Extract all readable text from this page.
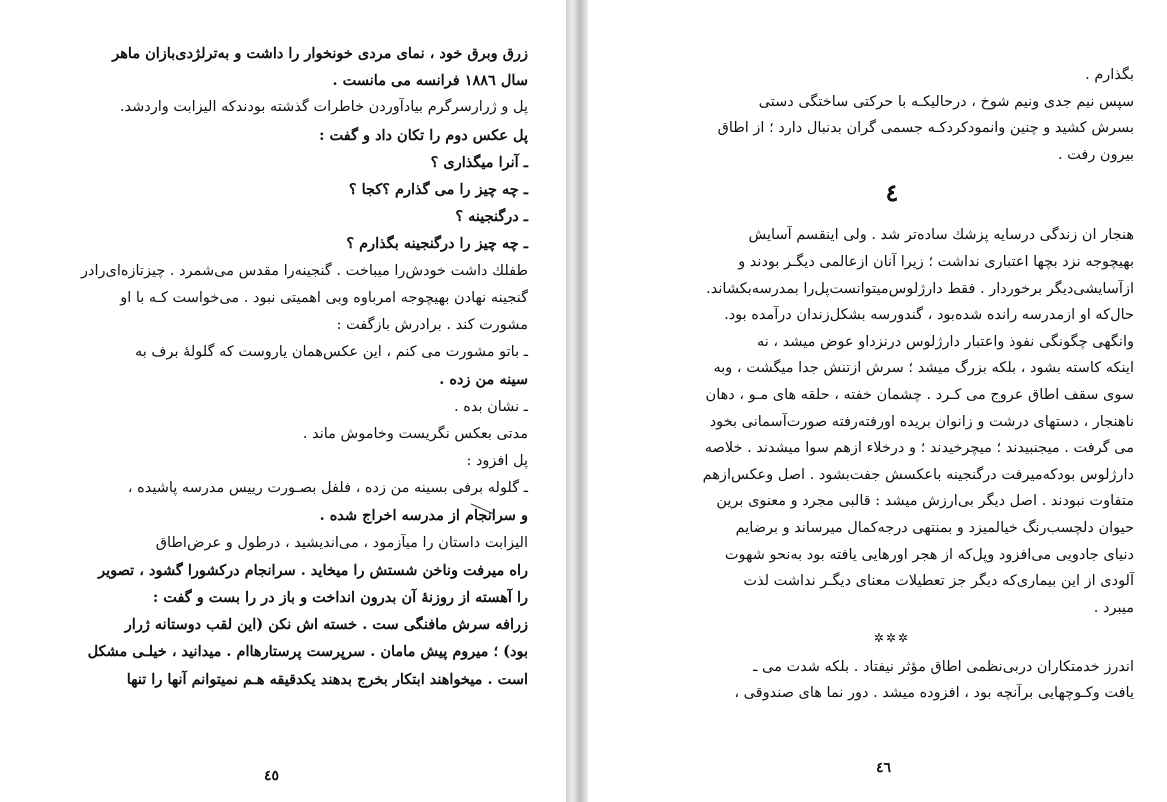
زرق وبرق خود ، نمای مردی خونخوار را داشت و به‌ترلژدی‌بازان ماهر

سال ۱۸۸٦ فرانسه می مانست .

پل و ژرارسرگرم بیادآوردن خاطرات گذشته بودندکه الیزابت واردشد.

پل عکس دوم را تکان داد و گفت :

ـ آنرا میگذاری ؟

ـ چه چیز را می گذارم ؟کجا ؟

ـ درگنجینه ؟

ـ چه چیز را درگنجینه بگذارم ؟

طفلك داشت خودش‌را میباخت . گنجینه‌را مقدس می‌شمرد . چیزتازه‌ای‌رادر

گنجینه نهادن بهیچوجه امرباوه وبی اهمیتی نبود . می‌خواست کـه با او

مشورت کند . برادرش بازگفت :

ـ باتو مشورت می کنم ، این عکس‌همان یاروست که گلولهٔ برف به

سینه من زده .

ـ نشان بده .

مدتی بعکس نگریست وخاموش ماند .

پل افزود :

ـ گلوله برفی بسینه من زده ، فلفل بصـورت رییس مدرسه پاشیده ،

و سرانجام از مدرسه اخراج شده .

الیزابت داستان را میآزمود ، می‌اندیشید ، درطول و عرض‌اطاق

راه میرفت وناخن شستش را میخاید . سرانجام درکشورا گشود ، تصویر

را آهسته از روزنهٔ آن بدرون انداخت و باز در را بست و گفت :

زرافه سرش مافنگی ست . خسته اش نکن (این لقب دوستانه ژرار

بود) ؛ میروم پیش مامان . سرپرست پرستارهاام . میدانید ، خیلـی مشکل

است . میخواهند ابتکار بخرج بدهند یکدقیقه هـم نمیتوانم آنها را تنها

٤٥

بگذارم .

سپس نیم جدی ونیم شوخ ، درحالیکـه با حرکتی ساختگی دستی

بسرش کشید و چنین وانمودکردکـه جسمی گران بدنبال دارد ؛ از اطاق

بیرون رفت .

٤

هنجار ان زندگی درسایه پزشك ساده‌تر شد . ولی اینقسم آسایش

بهیچوجه نزد بچها اعتباری نداشت ؛ زیرا آنان ازعالمی دیگـر بودند و

ازآسایشی‌دیگر برخوردار . فقط دارژلوس‌میتوانست‌پل‌را بمدرسه‌بکشاند.

حال‌که او ازمدرسه رانده شده‌بود ، گندورسه بشکل‌زندان درآمده بود.

وانگهی چگونگی نفوذ واعتبار دارژلوس درنزداو عوض میشد ، نه

اینکه کاسته بشود ، بلکه بزرگ میشد ؛ سرش ازتنش جدا میگشت ، وبه

سوی سقف اطاق عروج می کـرد . چشمان خفته ، حلقه های مـو ، دهان

ناهنجار ، دستهای درشت و زانوان بریده اورفته‌رفته صورت‌آسمانی بخود

می گرفت . میجنبیدند ؛ میچرخیدند ؛ و درخلاء ازهم سوا میشدند . خلاصه

دارژلوس بودکه‌میرفت درگنجینه باعکسش جفت‌بشود . اصل وعکس‌ازهم

متفاوت نبودند . اصل دیگر بی‌ارزش میشد : قالبی مجرد و معنوی برین

حیوان دلچسب‌رنگ خیالمیزد و بمنتهی درجه‌کمال میرساند و برضایم

دنیای جادویی می‌افزود وپل‌که از هجر اورهایی یافته بود به‌نحو شهوت

آلودی از این بیماری‌که دیگر جز تعطیلات معنای دیگـر نداشت لذت

میبرد .

✲✲✲

اندرز خدمتکاران دربی‌نظمی اطاق مؤثر نیفتاد . بلکه شدت می ـ

یافت وکـوچهایی برآنچه بود ، افزوده میشد . دور نما های صندوقی ،

٤٦
